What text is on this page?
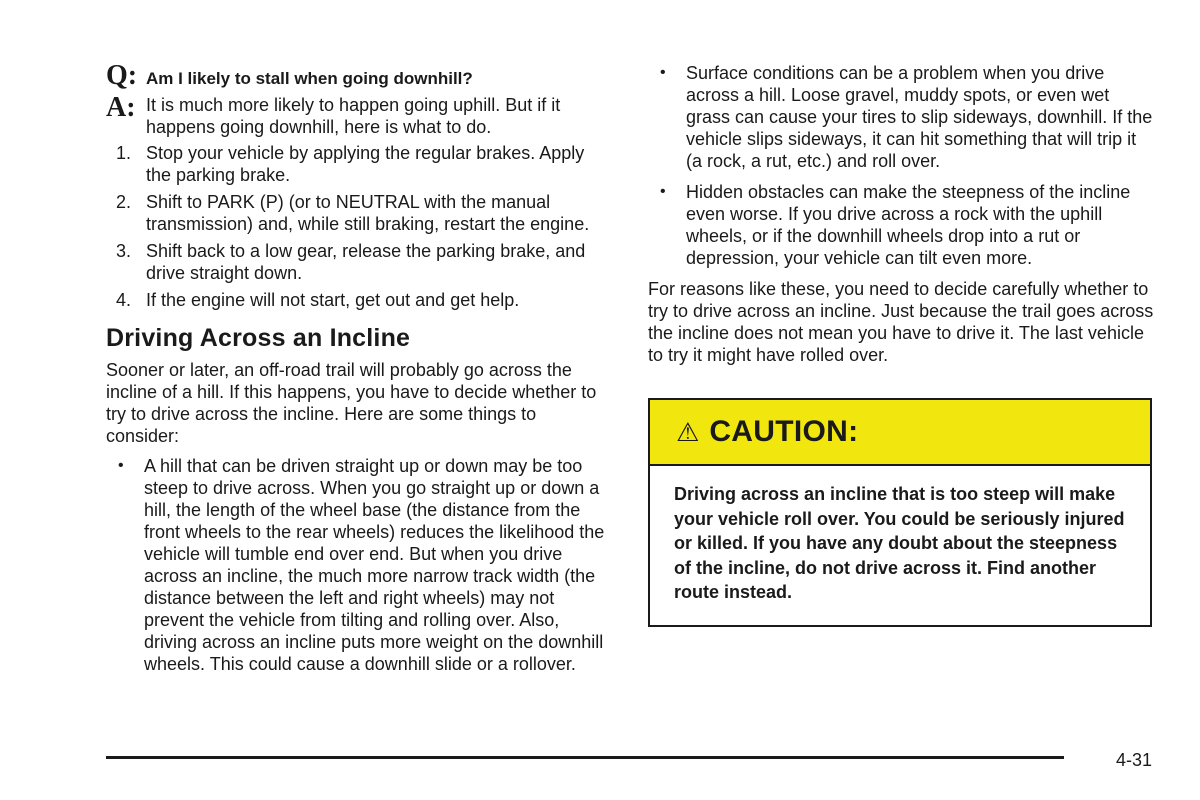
Q: Am I likely to stall when going downhill?
A: It is much more likely to happen going uphill. But if it happens going downhill, here is what to do.
1. Stop your vehicle by applying the regular brakes. Apply the parking brake.
2. Shift to PARK (P) (or to NEUTRAL with the manual transmission) and, while still braking, restart the engine.
3. Shift back to a low gear, release the parking brake, and drive straight down.
4. If the engine will not start, get out and get help.
Driving Across an Incline

Sooner or later, an off-road trail will probably go across the incline of a hill. If this happens, you have to decide whether to try to drive across the incline. Here are some things to consider:

•	A hill that can be driven straight up or down may be too steep to drive across. When you go straight up or down a hill, the length of the wheel base (the distance from the front wheels to the rear wheels) reduces the likelihood the vehicle will tumble end over end. But when you drive across an incline, the much more narrow track width (the distance between the left and right wheels) may not prevent the vehicle from tilting and rolling over. Also, driving across an incline puts more weight on the downhill wheels. This could cause a downhill slide or a rollover.
•	Surface conditions can be a problem when you drive across a hill. Loose gravel, muddy spots, or even wet grass can cause your tires to slip sideways, downhill. If the vehicle slips sideways, it can hit something that will trip it (a rock, a rut, etc.) and roll over.
•	Hidden obstacles can make the steepness of the incline even worse. If you drive across a rock with the uphill wheels, or if the downhill wheels drop into a rut or depression, your vehicle can tilt even more.

For reasons like these, you need to decide carefully whether to try to drive across an incline. Just because the trail goes across the incline does not mean you have to drive it. The last vehicle to try it might have rolled over.

⚠ CAUTION:
Driving across an incline that is too steep will make your vehicle roll over. You could be seriously injured or killed. If you have any doubt about the steepness of the incline, do not drive across it. Find another route instead.
4-31
